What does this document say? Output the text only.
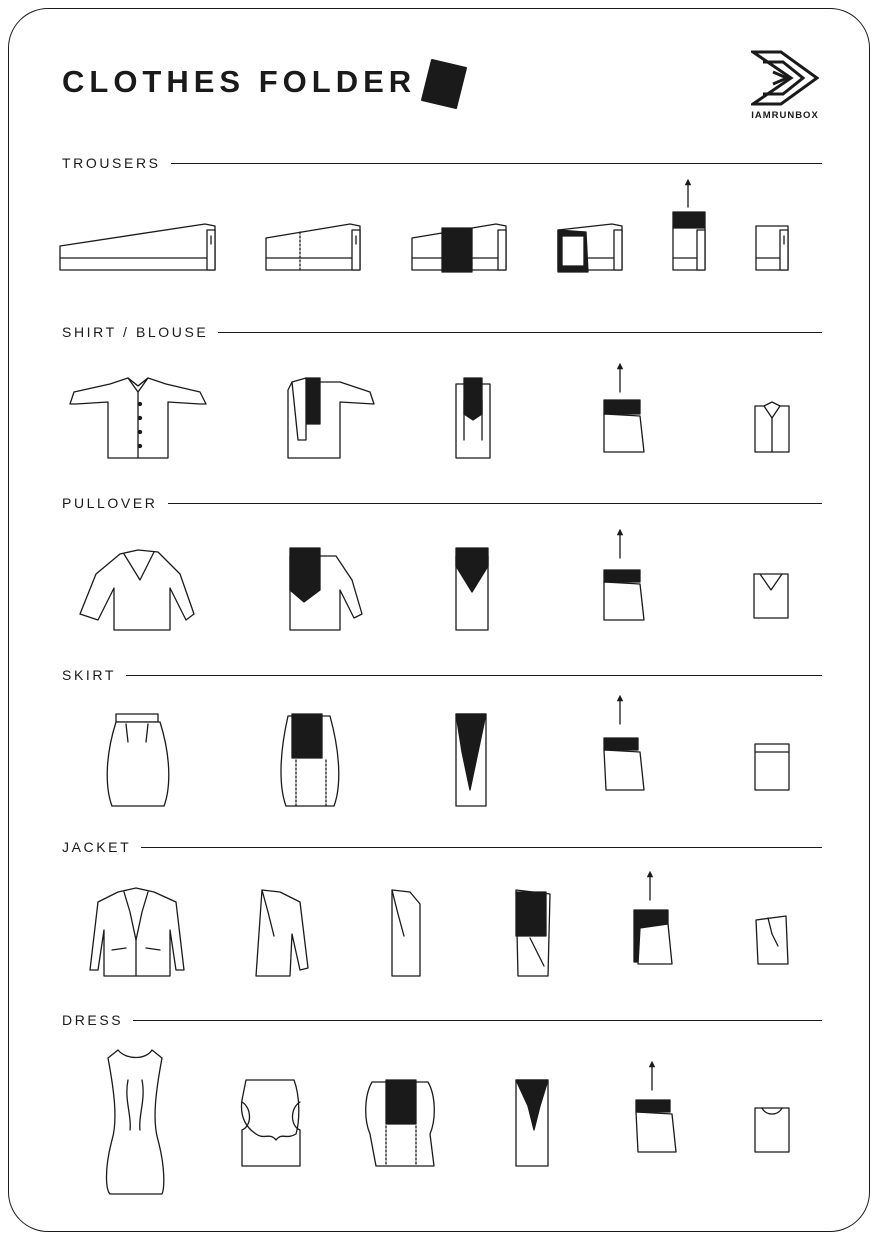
CLOTHES FOLDER
IAMRUNBOX
TROUSERS
SHIRT / BLOUSE
PULLOVER
SKIRT
JACKET
DRESS
